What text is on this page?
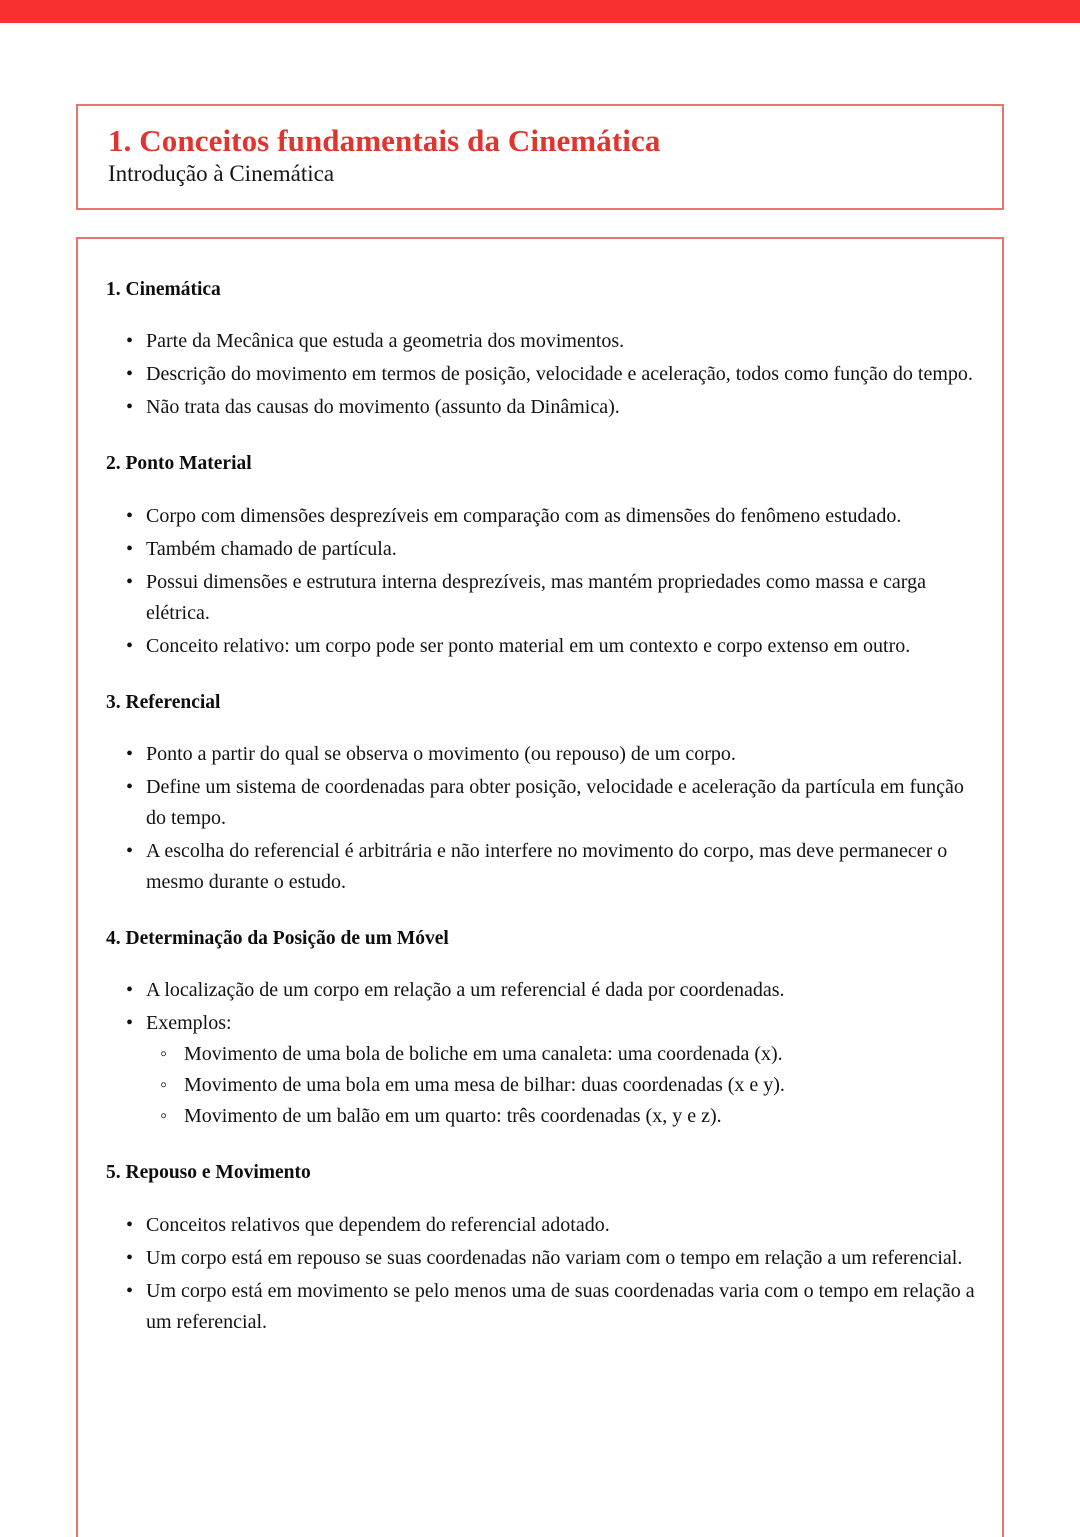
1. Conceitos fundamentais da Cinemática
Introdução à Cinemática
1. Cinemática
• Parte da Mecânica que estuda a geometria dos movimentos.
• Descrição do movimento em termos de posição, velocidade e aceleração, todos como função do tempo.
• Não trata das causas do movimento (assunto da Dinâmica).
2. Ponto Material
• Corpo com dimensões desprezíveis em comparação com as dimensões do fenômeno estudado.
• Também chamado de partícula.
• Possui dimensões e estrutura interna desprezíveis, mas mantém propriedades como massa e carga elétrica.
• Conceito relativo: um corpo pode ser ponto material em um contexto e corpo extenso em outro.
3. Referencial
• Ponto a partir do qual se observa o movimento (ou repouso) de um corpo.
• Define um sistema de coordenadas para obter posição, velocidade e aceleração da partícula em função do tempo.
• A escolha do referencial é arbitrária e não interfere no movimento do corpo, mas deve permanecer o mesmo durante o estudo.
4. Determinação da Posição de um Móvel
• A localização de um corpo em relação a um referencial é dada por coordenadas.
• Exemplos:
◦ Movimento de uma bola de boliche em uma canaleta: uma coordenada (x).
◦ Movimento de uma bola em uma mesa de bilhar: duas coordenadas (x e y).
◦ Movimento de um balão em um quarto: três coordenadas (x, y e z).
5. Repouso e Movimento
• Conceitos relativos que dependem do referencial adotado.
• Um corpo está em repouso se suas coordenadas não variam com o tempo em relação a um referencial.
• Um corpo está em movimento se pelo menos uma de suas coordenadas varia com o tempo em relação a um referencial.
